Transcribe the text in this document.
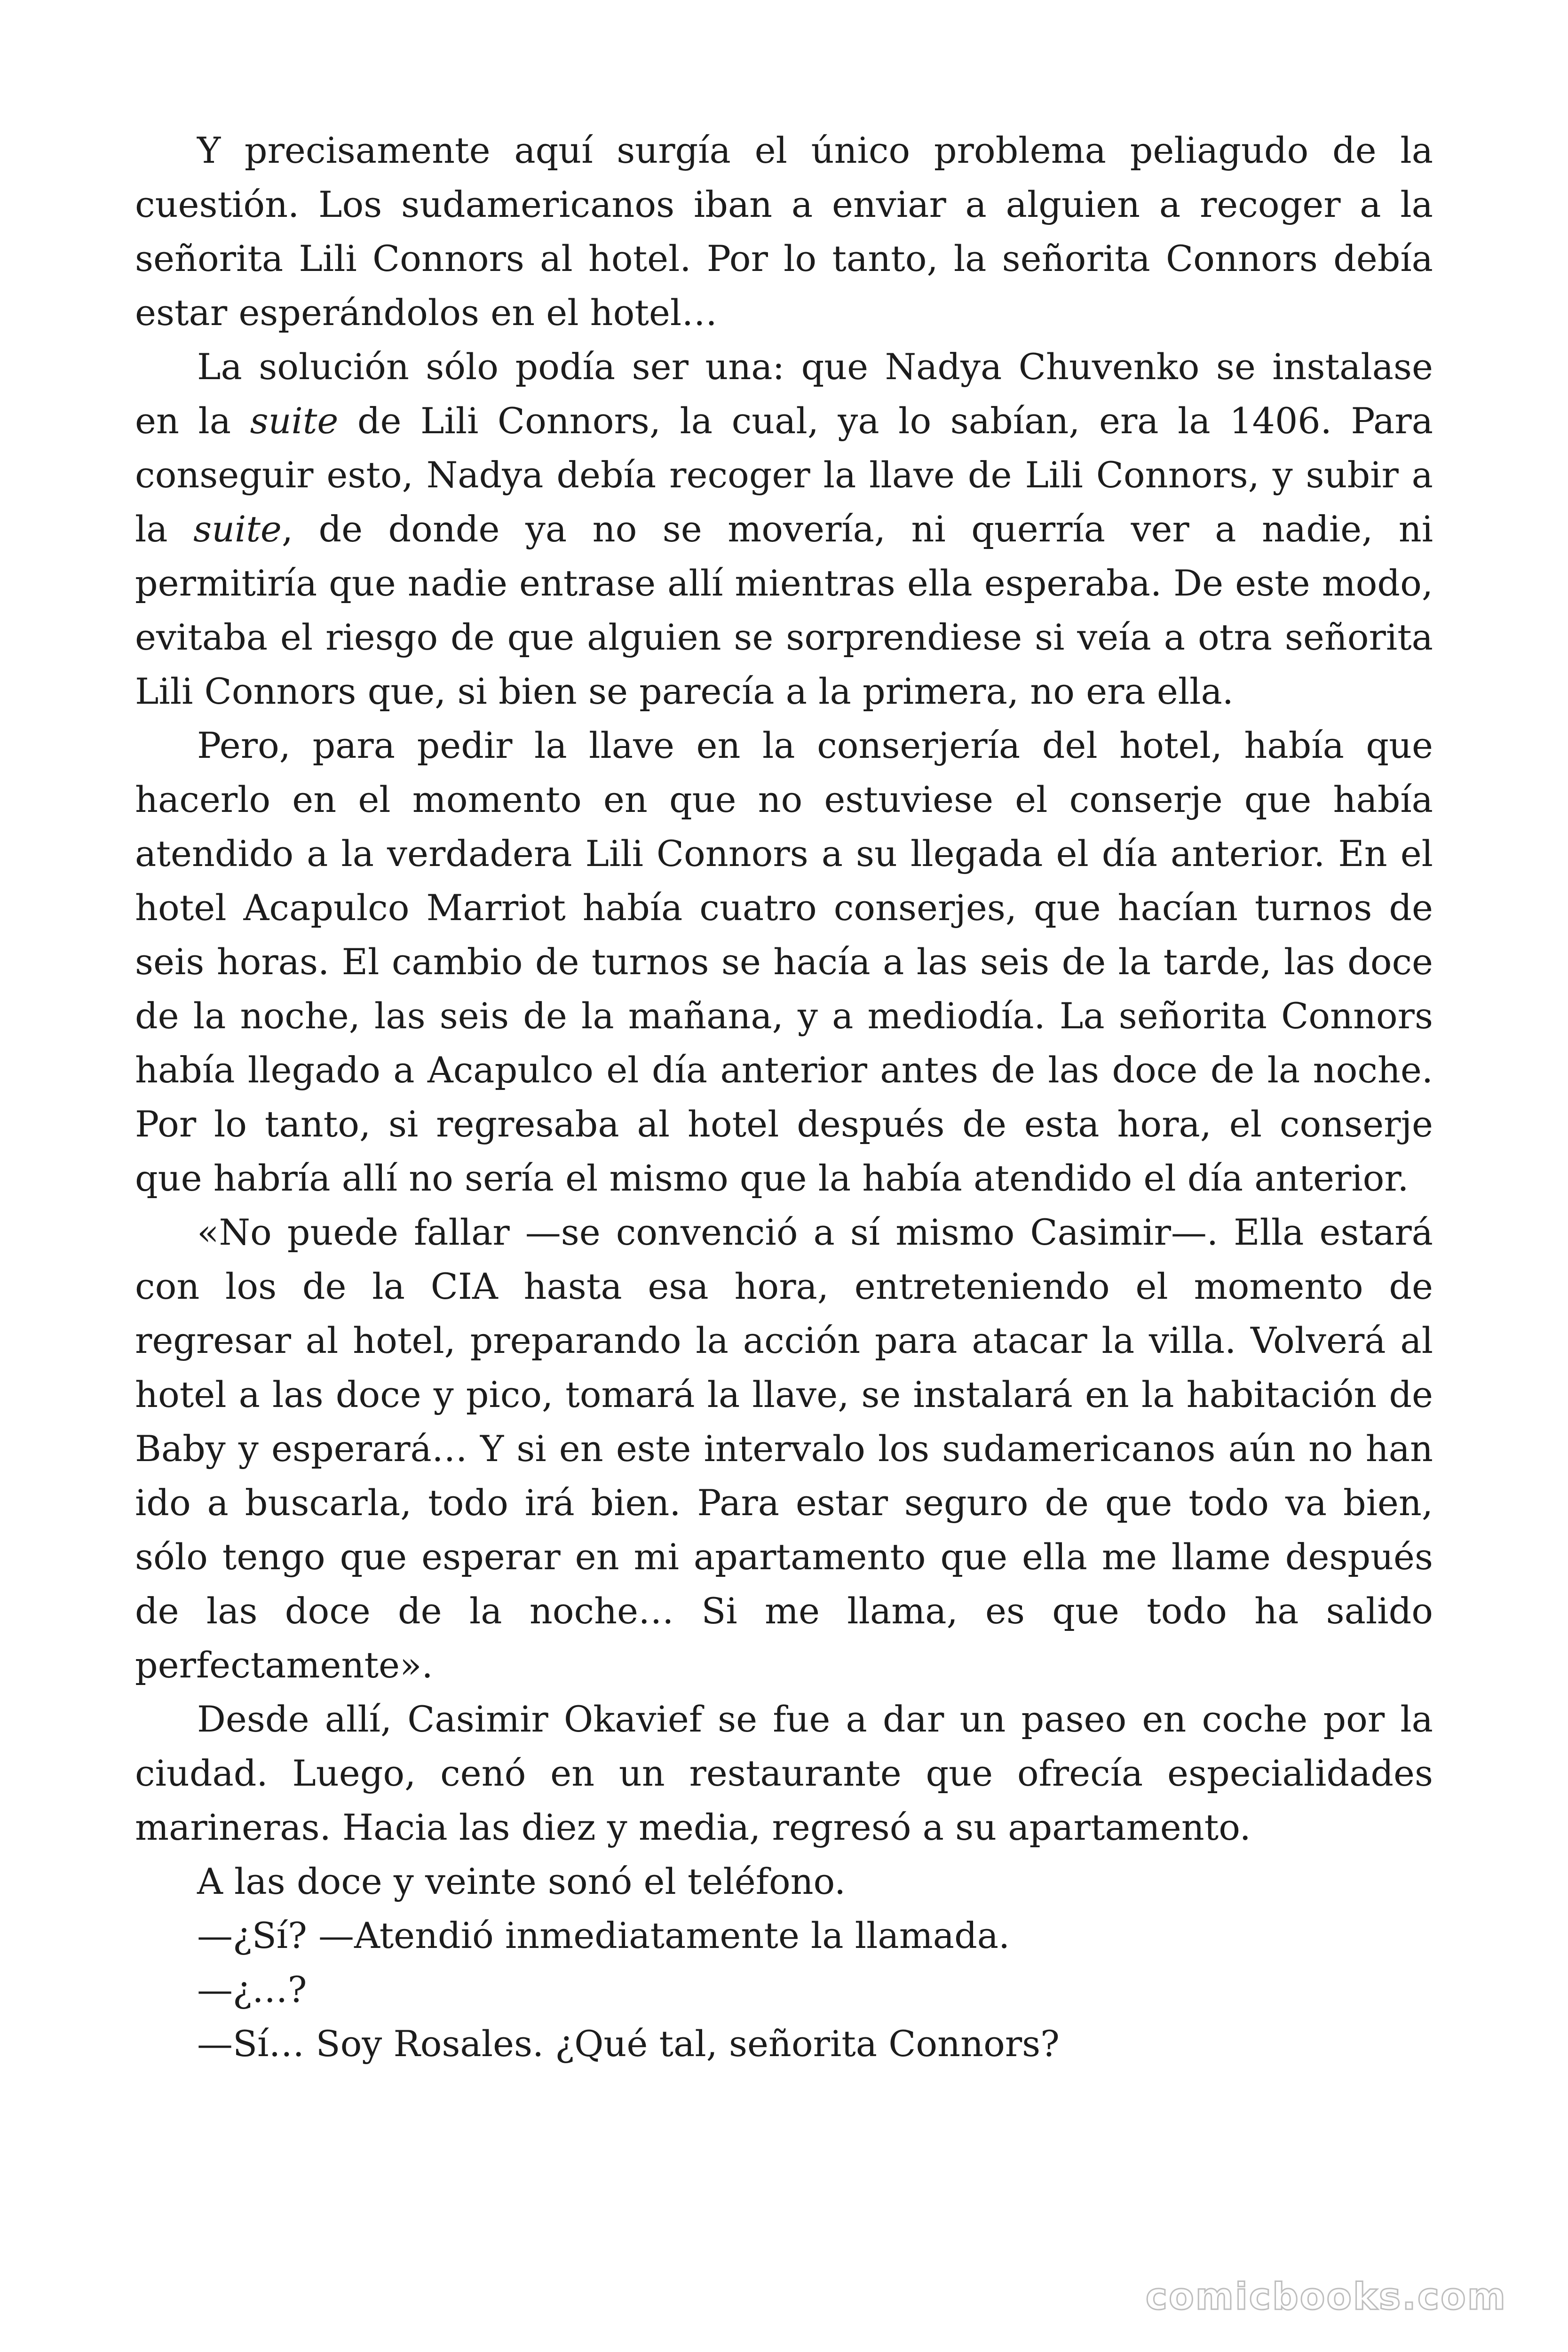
Y precisamente aquí surgía el único problema peliagudo de la cuestión. Los sudamericanos iban a enviar a alguien a recoger a la señorita Lili Connors al hotel. Por lo tanto, la señorita Connors debía estar esperándolos en el hotel…

La solución sólo podía ser una: que Nadya Chuvenko se instalase en la suite de Lili Connors, la cual, ya lo sabían, era la 1406. Para conseguir esto, Nadya debía recoger la llave de Lili Connors, y subir a la suite, de donde ya no se movería, ni querría ver a nadie, ni permitiría que nadie entrase allí mientras ella esperaba. De este modo, evitaba el riesgo de que alguien se sorprendiese si veía a otra señorita Lili Connors que, si bien se parecía a la primera, no era ella.

Pero, para pedir la llave en la conserjería del hotel, había que hacerlo en el momento en que no estuviese el conserje que había atendido a la verdadera Lili Connors a su llegada el día anterior. En el hotel Acapulco Marriot había cuatro conserjes, que hacían turnos de seis horas. El cambio de turnos se hacía a las seis de la tarde, las doce de la noche, las seis de la mañana, y a mediodía. La señorita Connors había llegado a Acapulco el día anterior antes de las doce de la noche. Por lo tanto, si regresaba al hotel después de esta hora, el conserje que habría allí no sería el mismo que la había atendido el día anterior.

«No puede fallar —se convenció a sí mismo Casimir—. Ella estará con los de la CIA hasta esa hora, entreteniendo el momento de regresar al hotel, preparando la acción para atacar la villa. Volverá al hotel a las doce y pico, tomará la llave, se instalará en la habitación de Baby y esperará… Y si en este intervalo los sudamericanos aún no han ido a buscarla, todo irá bien. Para estar seguro de que todo va bien, sólo tengo que esperar en mi apartamento que ella me llame después de las doce de la noche… Si me llama, es que todo ha salido perfectamente».

Desde allí, Casimir Okavief se fue a dar un paseo en coche por la ciudad. Luego, cenó en un restaurante que ofrecía especialidades marineras. Hacia las diez y media, regresó a su apartamento.

A las doce y veinte sonó el teléfono.

—¿Sí? —Atendió inmediatamente la llamada.

—¿…?

—Sí… Soy Rosales. ¿Qué tal, señorita Connors?

comicbooks.com
